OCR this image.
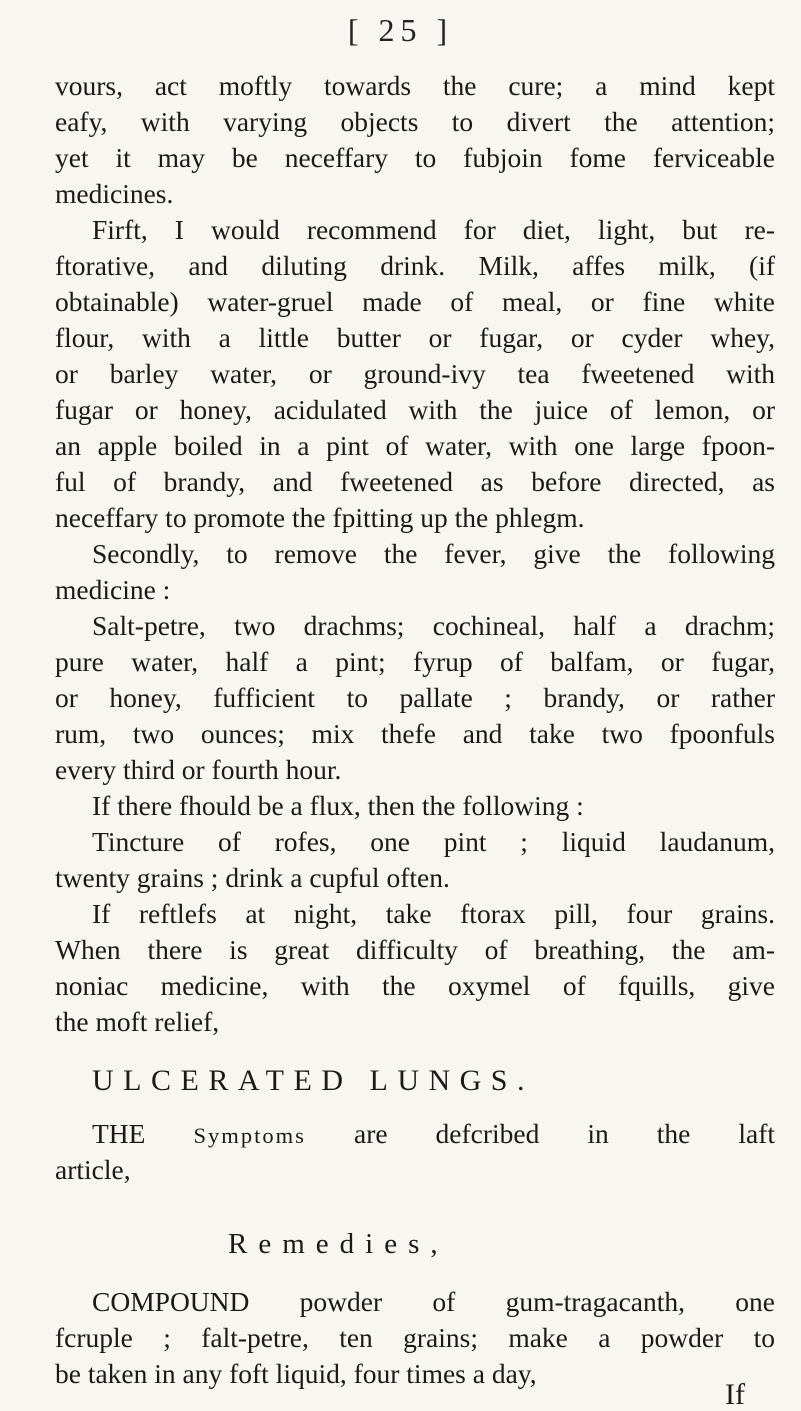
[ 25 ]
vours, act moftly towards the cure; a mind kept
eafy, with varying objects to divert the attention;
yet it may be neceffary to fubjoin fome ferviceable
medicines.
Firft, I would recommend for diet, light, but re-
ftorative, and diluting drink. Milk, affes milk, (if
obtainable) water-gruel made of meal, or fine white
flour, with a little butter or fugar, or cyder whey,
or barley water, or ground-ivy tea fweetened with
fugar or honey, acidulated with the juice of lemon, or
an apple boiled in a pint of water, with one large fpoon-
ful of brandy, and fweetened as before directed, as
neceffary to promote the fpitting up the phlegm.
Secondly, to remove the fever, give the following
medicine :
Salt-petre, two drachms; cochineal, half a drachm;
pure water, half a pint; fyrup of balfam, or fugar,
or honey, fufficient to pallate ; brandy, or rather
rum, two ounces; mix thefe and take two fpoonfuls
every third or fourth hour.
If there fhould be a flux, then the following :
Tincture of rofes, one pint ; liquid laudanum,
twenty grains ; drink a cupful often.
If reftlefs at night, take ftorax pill, four grains.
When there is great difficulty of breathing, the am-
noniac medicine, with the oxymel of fquills, give
the moft relief,
ULCERATED LUNGS.
THE Symptoms are defcribed in the laft
article,
Remedies,
COMPOUND powder of gum-tragacanth, one
fcruple ; falt-petre, ten grains; make a powder to
be taken in any foft liquid, four times a day,
If
